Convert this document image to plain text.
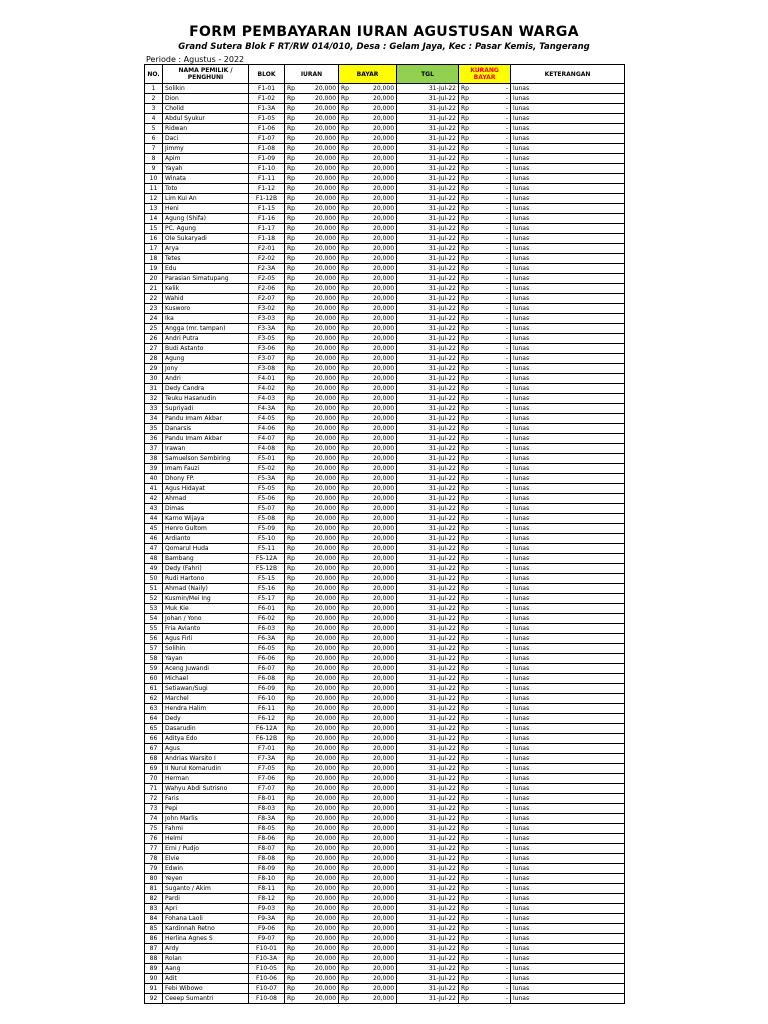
FORM PEMBAYARAN IURAN AGUSTUSAN WARGA
Grand Sutera Blok F RT/RW 014/010, Desa : Gelam Jaya, Kec : Pasar Kemis, Tangerang
Periode : Agustus - 2022
NO.	NAMA PEMILIK / PENGHUNI	BLOK	IURAN		BAYAR		TGL	KURANG BAYAR		KETERANGAN
1	Solikin	F1-01	Rp	20,000	Rp	20,000	31-Jul-22	Rp	-	lunas
2	Dion	F1-02	Rp	20,000	Rp	20,000	31-Jul-22	Rp	-	lunas
3	Cholid	F1-3A	Rp	20,000	Rp	20,000	31-Jul-22	Rp	-	lunas
4	Abdul Syukur	F1-05	Rp	20,000	Rp	20,000	31-Jul-22	Rp	-	lunas
5	Ridwan	F1-06	Rp	20,000	Rp	20,000	31-Jul-22	Rp	-	lunas
6	Daci	F1-07	Rp	20,000	Rp	20,000	31-Jul-22	Rp	-	lunas
7	Jimmy	F1-08	Rp	20,000	Rp	20,000	31-Jul-22	Rp	-	lunas
8	Apim	F1-09	Rp	20,000	Rp	20,000	31-Jul-22	Rp	-	lunas
9	Yayah	F1-10	Rp	20,000	Rp	20,000	31-Jul-22	Rp	-	lunas
10	Winata	F1-11	Rp	20,000	Rp	20,000	31-Jul-22	Rp	-	lunas
11	Toto	F1-12	Rp	20,000	Rp	20,000	31-Jul-22	Rp	-	lunas
12	Lim Kui An	F1-12B	Rp	20,000	Rp	20,000	31-Jul-22	Rp	-	lunas
13	Heni	F1-15	Rp	20,000	Rp	20,000	31-Jul-22	Rp	-	lunas
14	Agung (Shifa)	F1-16	Rp	20,000	Rp	20,000	31-Jul-22	Rp	-	lunas
15	PC. Agung	F1-17	Rp	20,000	Rp	20,000	31-Jul-22	Rp	-	lunas
16	Ole Sukaryadi	F1-18	Rp	20,000	Rp	20,000	31-Jul-22	Rp	-	lunas
17	Arya	F2-01	Rp	20,000	Rp	20,000	31-Jul-22	Rp	-	lunas
18	Tetes	F2-02	Rp	20,000	Rp	20,000	31-Jul-22	Rp	-	lunas
19	Edu	F2-3A	Rp	20,000	Rp	20,000	31-Jul-22	Rp	-	lunas
20	Parasian Simatupang	F2-05	Rp	20,000	Rp	20,000	31-Jul-22	Rp	-	lunas
21	Kelik	F2-06	Rp	20,000	Rp	20,000	31-Jul-22	Rp	-	lunas
22	Wahid	F2-07	Rp	20,000	Rp	20,000	31-Jul-22	Rp	-	lunas
23	Kusworo	F3-02	Rp	20,000	Rp	20,000	31-Jul-22	Rp	-	lunas
24	Ika	F3-03	Rp	20,000	Rp	20,000	31-Jul-22	Rp	-	lunas
25	Angga (mr. tampan)	F3-3A	Rp	20,000	Rp	20,000	31-Jul-22	Rp	-	lunas
26	Andri Putra	F3-05	Rp	20,000	Rp	20,000	31-Jul-22	Rp	-	lunas
27	Budi Astanto	F3-06	Rp	20,000	Rp	20,000	31-Jul-22	Rp	-	lunas
28	Agung	F3-07	Rp	20,000	Rp	20,000	31-Jul-22	Rp	-	lunas
29	Jony	F3-08	Rp	20,000	Rp	20,000	31-Jul-22	Rp	-	lunas
30	Andri	F4-01	Rp	20,000	Rp	20,000	31-Jul-22	Rp	-	lunas
31	Dedy Candra	F4-02	Rp	20,000	Rp	20,000	31-Jul-22	Rp	-	lunas
32	Teuku Hasanudin	F4-03	Rp	20,000	Rp	20,000	31-Jul-22	Rp	-	lunas
33	Supriyadi	F4-3A	Rp	20,000	Rp	20,000	31-Jul-22	Rp	-	lunas
34	Pandu Imam Akbar	F4-05	Rp	20,000	Rp	20,000	31-Jul-22	Rp	-	lunas
35	Danarsis	F4-06	Rp	20,000	Rp	20,000	31-Jul-22	Rp	-	lunas
36	Pandu Imam Akbar	F4-07	Rp	20,000	Rp	20,000	31-Jul-22	Rp	-	lunas
37	Irawan	F4-08	Rp	20,000	Rp	20,000	31-Jul-22	Rp	-	lunas
38	Samuelson Sembiring	F5-01	Rp	20,000	Rp	20,000	31-Jul-22	Rp	-	lunas
39	Imam Fauzi	F5-02	Rp	20,000	Rp	20,000	31-Jul-22	Rp	-	lunas
40	Dhony FP.	F5-3A	Rp	20,000	Rp	20,000	31-Jul-22	Rp	-	lunas
41	Agus Hidayat	F5-05	Rp	20,000	Rp	20,000	31-Jul-22	Rp	-	lunas
42	Ahmad	F5-06	Rp	20,000	Rp	20,000	31-Jul-22	Rp	-	lunas
43	Dimas	F5-07	Rp	20,000	Rp	20,000	31-Jul-22	Rp	-	lunas
44	Karno Wijaya	F5-08	Rp	20,000	Rp	20,000	31-Jul-22	Rp	-	lunas
45	Henro Gultom	F5-09	Rp	20,000	Rp	20,000	31-Jul-22	Rp	-	lunas
46	Ardianto	F5-10	Rp	20,000	Rp	20,000	31-Jul-22	Rp	-	lunas
47	Qomarul Huda	F5-11	Rp	20,000	Rp	20,000	31-Jul-22	Rp	-	lunas
48	Bambang	F5-12A	Rp	20,000	Rp	20,000	31-Jul-22	Rp	-	lunas
49	Dedy (Fahri)	F5-12B	Rp	20,000	Rp	20,000	31-Jul-22	Rp	-	lunas
50	Rudi Hartono	F5-15	Rp	20,000	Rp	20,000	31-Jul-22	Rp	-	lunas
51	Ahmad (Naily)	F5-16	Rp	20,000	Rp	20,000	31-Jul-22	Rp	-	lunas
52	Kusmin/Mei Ing	F5-17	Rp	20,000	Rp	20,000	31-Jul-22	Rp	-	lunas
53	Muk Kie	F6-01	Rp	20,000	Rp	20,000	31-Jul-22	Rp	-	lunas
54	Johan / Yono	F6-02	Rp	20,000	Rp	20,000	31-Jul-22	Rp	-	lunas
55	Fria Avianto	F6-03	Rp	20,000	Rp	20,000	31-Jul-22	Rp	-	lunas
56	Agus Firli	F6-3A	Rp	20,000	Rp	20,000	31-Jul-22	Rp	-	lunas
57	Solihin	F6-05	Rp	20,000	Rp	20,000	31-Jul-22	Rp	-	lunas
58	Yayan	F6-06	Rp	20,000	Rp	20,000	31-Jul-22	Rp	-	lunas
59	Aceng Juwandi	F6-07	Rp	20,000	Rp	20,000	31-Jul-22	Rp	-	lunas
60	Michael	F6-08	Rp	20,000	Rp	20,000	31-Jul-22	Rp	-	lunas
61	Setiawan/Sugi	F6-09	Rp	20,000	Rp	20,000	31-Jul-22	Rp	-	lunas
62	Marchel	F6-10	Rp	20,000	Rp	20,000	31-Jul-22	Rp	-	lunas
63	Hendra Halim	F6-11	Rp	20,000	Rp	20,000	31-Jul-22	Rp	-	lunas
64	Dedy	F6-12	Rp	20,000	Rp	20,000	31-Jul-22	Rp	-	lunas
65	Dasarudin	F6-12A	Rp	20,000	Rp	20,000	31-Jul-22	Rp	-	lunas
66	Aditya Edo	F6-12B	Rp	20,000	Rp	20,000	31-Jul-22	Rp	-	lunas
67	Agus	F7-01	Rp	20,000	Rp	20,000	31-Jul-22	Rp	-	lunas
68	Andrias Warsito I	F7-3A	Rp	20,000	Rp	20,000	31-Jul-22	Rp	-	lunas
69	II Nurul Komarudin	F7-05	Rp	20,000	Rp	20,000	31-Jul-22	Rp	-	lunas
70	Herman	F7-06	Rp	20,000	Rp	20,000	31-Jul-22	Rp	-	lunas
71	Wahyu Abdi Sutrisno	F7-07	Rp	20,000	Rp	20,000	31-Jul-22	Rp	-	lunas
72	Faris	F8-01	Rp	20,000	Rp	20,000	31-Jul-22	Rp	-	lunas
73	Pepi	F8-03	Rp	20,000	Rp	20,000	31-Jul-22	Rp	-	lunas
74	John Marlis	F8-3A	Rp	20,000	Rp	20,000	31-Jul-22	Rp	-	lunas
75	Fahmi	F8-05	Rp	20,000	Rp	20,000	31-Jul-22	Rp	-	lunas
76	Helmi	F8-06	Rp	20,000	Rp	20,000	31-Jul-22	Rp	-	lunas
77	Erni / Pudjo	F8-07	Rp	20,000	Rp	20,000	31-Jul-22	Rp	-	lunas
78	Elvie	F8-08	Rp	20,000	Rp	20,000	31-Jul-22	Rp	-	lunas
79	Edwin	F8-09	Rp	20,000	Rp	20,000	31-Jul-22	Rp	-	lunas
80	Yeyen	F8-10	Rp	20,000	Rp	20,000	31-Jul-22	Rp	-	lunas
81	Suganto / Akim	F8-11	Rp	20,000	Rp	20,000	31-Jul-22	Rp	-	lunas
82	Pardi	F8-12	Rp	20,000	Rp	20,000	31-Jul-22	Rp	-	lunas
83	Apri	F9-03	Rp	20,000	Rp	20,000	31-Jul-22	Rp	-	lunas
84	Fohana Laoli	F9-3A	Rp	20,000	Rp	20,000	31-Jul-22	Rp	-	lunas
85	Kardinnah Retno	F9-06	Rp	20,000	Rp	20,000	31-Jul-22	Rp	-	lunas
86	Herlina Agnes S	F9-07	Rp	20,000	Rp	20,000	31-Jul-22	Rp	-	lunas
87	Ardy	F10-01	Rp	20,000	Rp	20,000	31-Jul-22	Rp	-	lunas
88	Rolan	F10-3A	Rp	20,000	Rp	20,000	31-Jul-22	Rp	-	lunas
89	Aang	F10-05	Rp	20,000	Rp	20,000	31-Jul-22	Rp	-	lunas
90	Adit	F10-06	Rp	20,000	Rp	20,000	31-Jul-22	Rp	-	lunas
91	Febi Wibowo	F10-07	Rp	20,000	Rp	20,000	31-Jul-22	Rp	-	lunas
92	Ceeep Sumantri	F10-08	Rp	20,000	Rp	20,000	31-Jul-22	Rp	-	lunas
